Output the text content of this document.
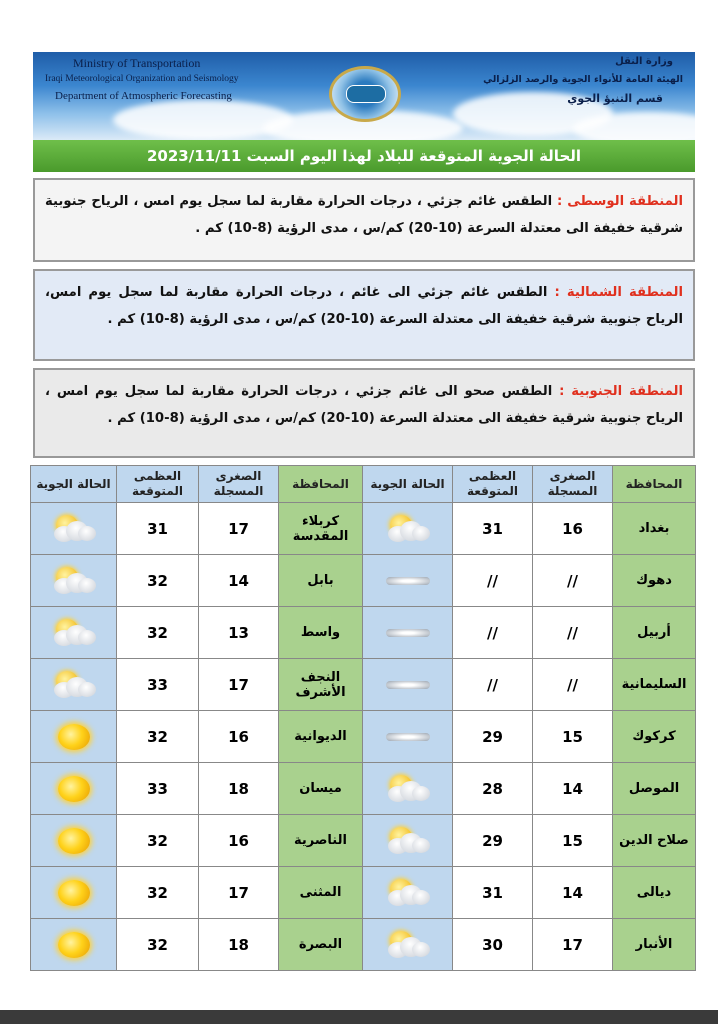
Ministry of Transportation
Iraqi Meteorological Organization and Seismology
Department of Atmospheric Forecasting
وزارة النقل
الهيئة العامة للأنواء الجوية والرصد الزلزالي
قسم التنبؤ الجوي
الحالة الجوية المتوقعة للبلاد لهذا اليوم السبت 2023/11/11
المنطقة الوسطى : الطقس غائم جزئي ، درجات الحرارة مقاربة لما سجل يوم امس ، الرياح جنوبية شرقية خفيفة الى معتدلة السرعة (10-20) كم/س ، مدى الرؤية (8-10) كم .
المنطقة الشمالية : الطقس غائم جزئي الى غائم ، درجات الحرارة مقاربة لما سجل يوم امس، الرياح جنوبية شرقية خفيفة الى معتدلة السرعة (10-20) كم/س ، مدى الرؤية (8-10) كم .
المنطقة الجنوبية : الطقس صحو الى غائم جزئي ، درجات الحرارة مقاربة لما سجل يوم امس ، الرياح جنوبية شرقية خفيفة الى معتدلة السرعة (10-20) كم/س ، مدى الرؤية (8-10) كم .
المحافظة	الصغرى المسجلة	العظمى المتوقعة	الحالة الجوية	المحافظة	الصغرى المسجلة	العظمى المتوقعة	الحالة الجوية
بغداد	16	31		كربلاء المقدسة	17	31	

دهوك	//	//		بابل	14	32	

أربيل	//	//		واسط	13	32	

السليمانية	//	//		النجف الأشرف	17	33	

كركوك	15	29		الديوانية	16	32	

الموصل	14	28		ميسان	18	33	

صلاح الدين	15	29		الناصرية	16	32	

ديالى	14	31		المثنى	17	32	

الأنبار	17	30		البصرة	18	32	
